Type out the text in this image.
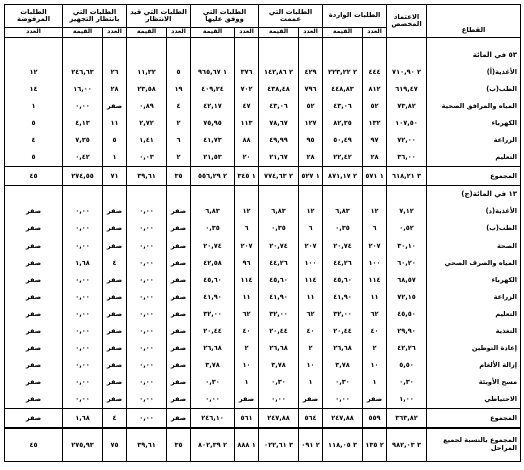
القطاع	الاعتماد المخصص	الطلبات الواردة		الطلبات التي عممت		الطلبات التي ووفق عليها		الطلبات التي قيد الانتظار		الطلبات التي بانتظار التجهيز		الطلبات المرفوضة
		العدد	القيمة	العدد	القيمة	العدد	القيمة	العدد	القيمة	العدد	القيمة	العدد

٥٣ في المائة												
الأغذية(أ)	٢ ٧١٠,٩٠	٤٤٤	٢ ٢٢٣,٢٢	٤٢٩	٢ ١٤٢,٨٦	٣٧٦	١ ٩٦٥,٦٧	٥	١١,٣٢	٢٦	٢٤٦,٦٣	١٢
الطب(ب)	٦١٩,٤٧	٨١٢	٤٤٨,٨٣	٧٩٦	٤٣٨,٤٨	٧٠٢	٤٠٩,٢٤	١٩	٢٣,٥٨	٢٨	١٦,٠٠	١٤
المياه والمرافق الصحية	٧٣,٨٢	٥٢	٤٣,٠٦	٥٢	٤٣,٠٦	٤٧	٤٢,١٧	٤	٠,٨٩	صفر	٠,٠٠	١
الكهرباء	١٠٧,٥٠	١٣٢	٨٢,٣٥	١٢٧	٧٨,٦٧	١١٣	٧٥,٩٥	٢	٢,٧٢	١١	٤,١٣	٥
الزراعة	٧٢,٠٠	٩٧	٥٠,٤٩	٩٥	٤٩,٩٩	٨٨	٤١,٧٣	٦	١,٤١	٥	٧,٣٥	٤
التعليم	٣٦,٠٠	٢٨	٢٢,٤٢	٢٨	٢١,٦٧	٢٠	٢١,٥٣	٢	٠,٠٣	١	٠,٤٢	٥
المجموع	٣ ٦١٨,٢١	١ ٥٧١	٢ ٨٧١,١٧	١ ٥٢٧	٢ ٧٧٤,٦٣	١ ٣٤٥	٢ ٥٥٦,٢٩	٣٥	٣٩,٦١	٧١	٢٧٤,٥٥	٤٥
١٣ في المائة(ج)												
الأغذية(د)	٧,١٢	١٢	٦,٨٣	١٢	٦,٨٣	١٢	٦,٨٣	صفر	٠,٠٠	صفر	٠,٠٠	صفر
الطب(ب)	٠,٥٢	٦	٠,٣٥	٦	٠,٣٥	٦	٠,٣٥	صفر	٠,٠٠	صفر	٠,٠٠	صفر
الصحة	٣٠,١٠	٢٠٧	٢٠,٧٤	٢٠٧	٢٠,٧٤	٢٠٧	٢٠,٧٤	صفر	٠,٠٠	صفر	٠,٠٠	صفر
المياه والصرف الصحي	٦٠,٢٠	١٠٠	٤٤,٢٦	١٠٠	٤٤,٢٦	٩٦	٤٢,٥٨	صفر	٠,٠٠	٤	١,٦٨	صفر
الكهرباء	٦٨,٥٧	١١٤	٤٥,٦٠	١١٤	٤٥,٦٠	١١٤	٤٥,٦٠	صفر	٠,٠٠	صفر	٠,٠٠	صفر
الزراعة	٧٢,١٥	١١	٤١,٩٠	١١	٤١,٩٠	١١	٤١,٩٠	صفر	٠,٠٠	صفر	٠,٠٠	صفر
التعليم	٤٥,٥٠	٦٢	٣٢,٠٠	٦٢	٣٢,٠٠	٦٢	٣٢,٠٠	صفر	٠,٠٠	صفر	٠,٠٠	صفر
التغذية	٢٩,٩٠	٤٠	٢٠,٤٤	٤٠	٢٠,٤٤	٤٠	٢٠,٤٤	صفر	٠,٠٠	صفر	٠,٠٠	صفر
إعادة التوطين	٤٢,٢٦	٢	٢٦,٦٨	٢	٢٦,٦٨	٢	٢٦,٦٨	صفر	٠,٠٠	صفر	٠,٠٠	صفر
إزالة الألغام	٥,٥٠	١٠	٣,٧٨	١٠	٣,٧٨	١٠	٣,٧٨	صفر	٠,٠٠	صفر	٠,٠٠	صفر
مسح الأوبئة	٠,٣٠	١	٠,٣٠	١	٠,٣٠	١	٠,٣٠	صفر	٠,٠٠	صفر	٠,٠٠	صفر
الاحتياطي	١,٠٠	صفر	٠,٠٠	صفر	٠,٠٠	صفر	٠,٠٠	صفر	٠,٠٠	صفر	٠,٠٠	صفر
المجموع	٣٦٣,٨٢	٥٥٩	٢٤٧,٨٨	٥٦٤	٢٤٧,٨٨	٥٦١	٢٤٦,١٠	صفر	٠,٠٠	٤	١,٦٨	صفر
المجموع بالنسبة لجميع المراحل	٣ ٩٨٢,٠٣	٢ ١٣٥	٣ ١١٨,٠٥	٢ ٠٩١	٣ ٠٢٢,٦١	١ ٨٨٨	٢ ٨٠٢,٣٩	٣٥	٣٩,٦١	٧٥	٢٧٥,٩٣	٤٥
